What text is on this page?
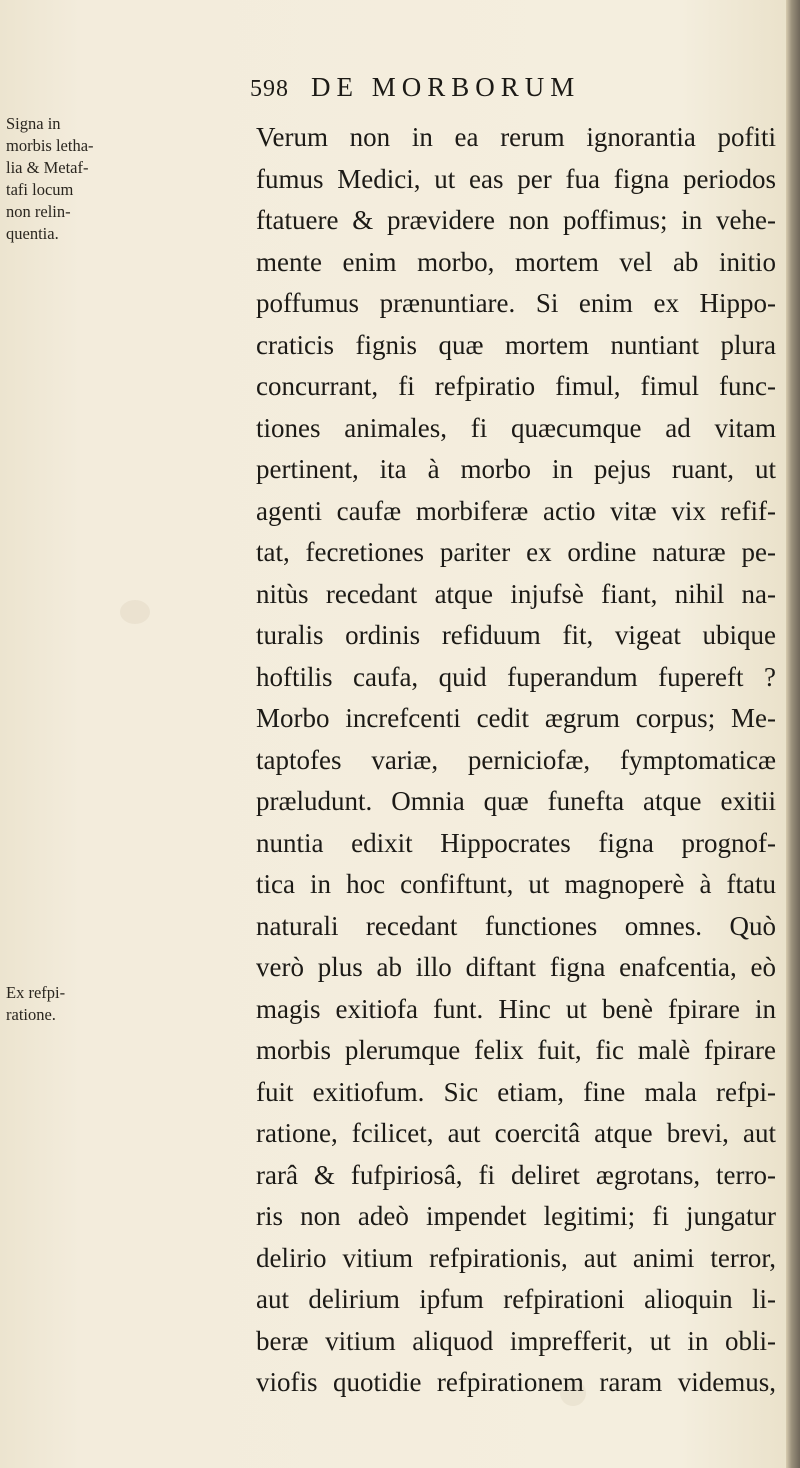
598 DE MORBORUM
Signa in
morbis letha-
lia & Metaf-
tafi locum
non relin-
quentia.
Ex refpi-
ratione.
Verum non in ea rerum ignorantia pofiti
fumus Medici, ut eas per fua figna periodos
ftatuere & prævidere non poffimus; in vehe-
mente enim morbo, mortem vel ab initio
poffumus prænuntiare. Si enim ex Hippo-
craticis fignis quæ mortem nuntiant plura
concurrant, fi refpiratio fimul, fimul func-
tiones animales, fi quæcumque ad vitam
pertinent, ita à morbo in pejus ruant, ut
agenti caufæ morbiferæ actio vitæ vix refif-
tat, fecretiones pariter ex ordine naturæ pe-
nitùs recedant atque injufsè fiant, nihil na-
turalis ordinis refiduum fit, vigeat ubique
hoftilis caufa, quid fuperandum fupereft ?
Morbo increfcenti cedit ægrum corpus; Me-
taptofes variæ, perniciofæ, fymptomaticæ
præludunt. Omnia quæ funefta atque exitii
nuntia edixit Hippocrates figna prognof-
tica in hoc confiftunt, ut magnoperè à ftatu
naturali recedant functiones omnes. Quò
verò plus ab illo diftant figna enafcentia, eò
magis exitiofa funt. Hinc ut benè fpirare in
morbis plerumque felix fuit, fic malè fpirare
fuit exitiofum. Sic etiam, fine mala refpi-
ratione, fcilicet, aut coercitâ atque brevi, aut
rarâ & fufpiriosâ, fi deliret ægrotans, terro-
ris non adeò impendet legitimi; fi jungatur
delirio vitium refpirationis, aut animi terror,
aut delirium ipfum refpirationi alioquin li-
beræ vitium aliquod imprefferit, ut in obli-
viofis quotidie refpirationem raram videmus,
